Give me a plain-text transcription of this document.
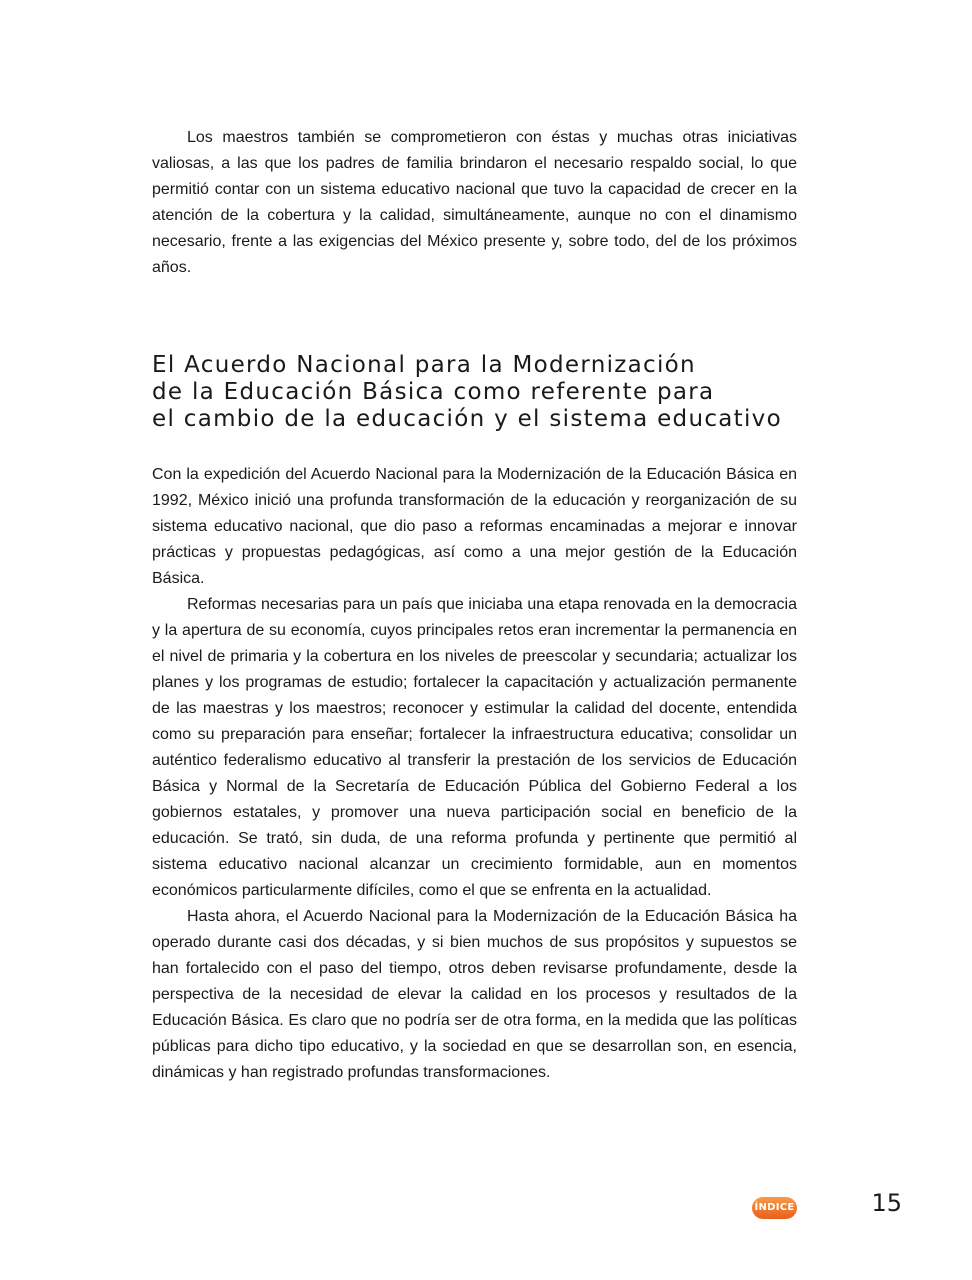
Los maestros también se comprometieron con éstas y muchas otras iniciativas valiosas, a las que los padres de familia brindaron el necesario respaldo social, lo que permitió contar con un sistema educativo nacional que tuvo la capacidad de crecer en la atención de la cobertura y la calidad, simultáneamente, aunque no con el dinamismo necesario, frente a las exigencias del México presente y, sobre todo, del de los próximos años.

El Acuerdo Nacional para la Modernización
de la Educación Básica como referente para
el cambio de la educación y el sistema educativo

Con la expedición del Acuerdo Nacional para la Modernización de la Educación Básica en 1992, México inició una profunda transformación de la educación y reorganización de su sistema educativo nacional, que dio paso a reformas encaminadas a mejorar e innovar prácticas y propuestas pedagógicas, así como a una mejor gestión de la Educación Básica.

Reformas necesarias para un país que iniciaba una etapa renovada en la democracia y la apertura de su economía, cuyos principales retos eran incrementar la permanencia en el nivel de primaria y la cobertura en los niveles de preescolar y secundaria; actualizar los planes y los programas de estudio; fortalecer la capacitación y actualización permanente de las maestras y los maestros; reconocer y estimular la calidad del docente, entendida como su preparación para enseñar; fortalecer la infraestructura educativa; consolidar un auténtico federalismo educativo al transferir la prestación de los servicios de Educación Básica y Normal de la Secretaría de Educación Pública del Gobierno Federal a los gobiernos estatales, y promover una nueva participación social en beneficio de la educación. Se trató, sin duda, de una reforma profunda y pertinente que permitió al sistema educativo nacional alcanzar un crecimiento formidable, aun en momentos económicos particularmente difíciles, como el que se enfrenta en la actualidad.

Hasta ahora, el Acuerdo Nacional para la Modernización de la Educación Básica ha operado durante casi dos décadas, y si bien muchos de sus propósitos y supuestos se han fortalecido con el paso del tiempo, otros deben revisarse profundamente, desde la perspectiva de la necesidad de elevar la calidad en los procesos y resultados de la Educación Básica. Es claro que no podría ser de otra forma, en la medida que las políticas públicas para dicho tipo educativo, y la sociedad en que se desarrollan son, en esencia, dinámicas y han registrado profundas transformaciones.

ÍNDICE	15
